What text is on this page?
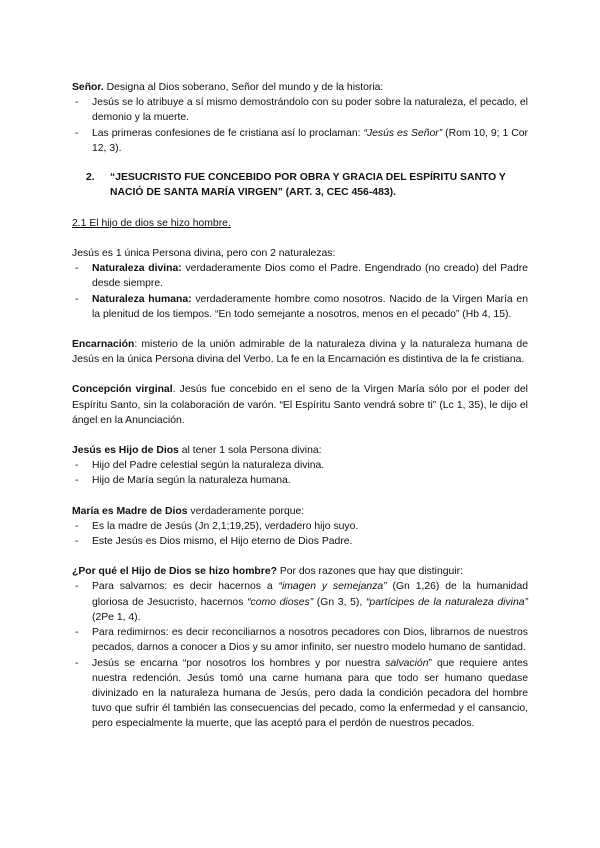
Señor. Designa al Dios soberano, Señor del mundo y de la historia:

- Jesús se lo atribuye a sí mismo demostrándolo con su poder sobre la naturaleza, el pecado, el demonio y la muerte.
- Las primeras confesiones de fe cristiana así lo proclaman: “Jesús es Señor” (Rom 10, 9; 1 Cor 12, 3).
2.	“JESUCRISTO FUE CONCEBIDO POR OBRA Y GRACIA DEL ESPÍRITU SANTO Y NACIÓ DE SANTA MARÍA VIRGEN” (ART. 3, CEC 456-483).

2.1 El hijo de dios se hizo hombre.

Jesús es 1 única Persona divina, pero con 2 naturalezas:

- Naturaleza divina: verdaderamente Dios como el Padre. Engendrado (no creado) del Padre desde siempre.
- Naturaleza humana: verdaderamente hombre como nosotros. Nacido de la Virgen María en la plenitud de los tiempos. “En todo semejante a nosotros, menos en el pecado” (Hb 4, 15).

Encarnación: misterio de la unión admirable de la naturaleza divina y la naturaleza humana de Jesús en la única Persona divina del Verbo. La fe en la Encarnación es distintiva de la fe cristiana.

Concepción virginal. Jesús fue concebido en el seno de la Virgen María sólo por el poder del Espíritu Santo, sin la colaboración de varón. “El Espíritu Santo vendrá sobre ti” (Lc 1, 35), le dijo el ángel en la Anunciación.

Jesús es Hijo de Dios al tener 1 sola Persona divina:

- Hijo del Padre celestial según la naturaleza divina.
- Hijo de María según la naturaleza humana.

María es Madre de Dios verdaderamente porque:

- Es la madre de Jesús (Jn 2,1;19,25), verdadero hijo suyo.
- Este Jesús es Dios mismo, el Hijo eterno de Dios Padre.

¿Por qué el Hijo de Dios se hizo hombre? Por dos razones que hay que distinguir:

- Para salvarnos: es decir hacernos a “imagen y semejanza” (Gn 1,26) de la humanidad gloriosa de Jesucristo, hacernos “como dioses” (Gn 3, 5), “partícipes de la naturaleza divina” (2Pe 1, 4).
- Para redimirnos: es decir reconciliarnos a nosotros pecadores con Dios, librarnos de nuestros pecados, darnos a conocer a Dios y su amor infinito, ser nuestro modelo humano de santidad.
- Jesús se encarna “por nosotros los hombres y por nuestra salvación” que requiere antes nuestra redención. Jesús tomó una carne humana para que todo ser humano quedase divinizado en la naturaleza humana de Jesús, pero dada la condición pecadora del hombre tuvo que sufrir él también las consecuencias del pecado, como la enfermedad y el cansancio, pero especialmente la muerte, que las aceptó para el perdón de nuestros pecados.
